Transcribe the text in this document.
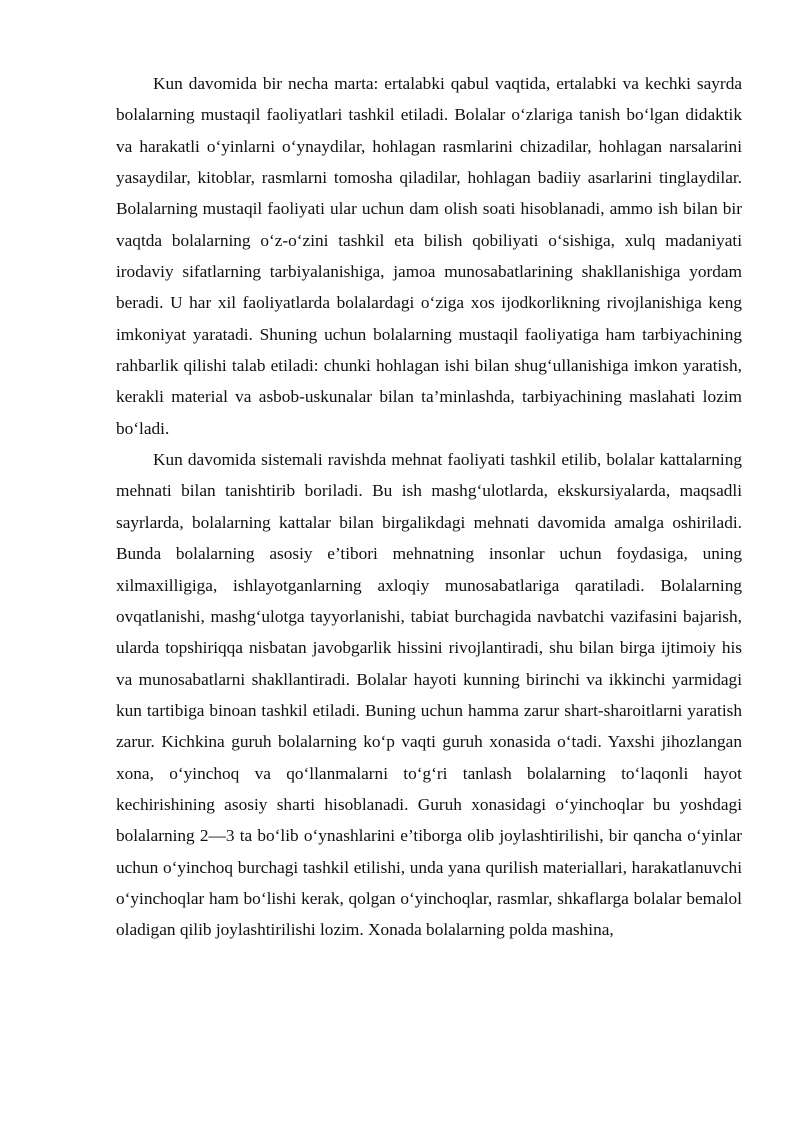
Kun davomida bir necha marta: ertalabki qabul vaqtida, ertalabki va kechki sayrda bolalarning mustaqil faoliyatlari tashkil etiladi. Bolalar o‘zlariga tanish bo‘lgan didaktik va harakatli o‘yinlarni o‘ynaydilar, hohlagan rasmlarini chizadilar, hohlagan narsalarini yasaydilar, kitoblar, rasmlarni tomosha qiladilar, hohlagan badiiy asarlarini tinglaydilar. Bolalarning mustaqil faoliyati ular uchun dam olish soati hisoblanadi, ammo ish bilan bir vaqtda bolalarning o‘z-o‘zini tashkil eta bilish qobiliyati o‘sishiga, xulq madaniyati irodaviy sifatlarning tarbiyalanishiga, jamoa munosabatlarining shakllanishiga yordam beradi. U har xil faoliyatlarda bolalardagi o‘ziga xos ijodkorlikning rivojlanishiga keng imkoniyat yaratadi. Shuning uchun bolalarning mustaqil faoliyatiga ham tarbiyachining rahbarlik qilishi talab etiladi: chunki hohlagan ishi bilan shug‘ullanishiga imkon yaratish, kerakli material va asbob-uskunalar bilan ta’minlashda, tarbiyachining maslahati lozim bo‘ladi.

Kun davomida sistemali ravishda mehnat faoliyati tashkil etilib, bolalar kattalarning mehnati bilan tanishtirib boriladi. Bu ish mashg‘ulotlarda, ekskursiyalarda, maqsadli sayrlarda, bolalarning kattalar bilan birgalikdagi mehnati davomida amalga oshiriladi. Bunda bolalarning asosiy e’tibori mehnatning insonlar uchun foydasiga, uning xilmaxilligiga, ishlayotganlarning axloqiy munosabatlariga qaratiladi. Bolalarning ovqatlanishi, mashg‘ulotga tayyorlanishi, tabiat burchagida navbatchi vazifasini bajarish, ularda topshiriqqa nisbatan javobgarlik hissini rivojlantiradi, shu bilan birga ijtimoiy his va munosabatlarni shakllantiradi. Bolalar hayoti kunning birinchi va ikkinchi yarmidagi kun tartibiga binoan tashkil etiladi. Buning uchun hamma zarur shart-sharoitlarni yaratish zarur. Kichkina guruh bolalarning ko‘p vaqti guruh xonasida o‘tadi. Yaxshi jihozlangan xona, o‘yinchoq va qo‘llanmalarni to‘g‘ri tanlash bolalarning to‘laqonli hayot kechirishining asosiy sharti hisoblanadi. Guruh xonasidagi o‘yinchoqlar bu yoshdagi bolalarning 2—3 ta bo‘lib o‘ynashlarini e’tiborga olib joylashtirilishi, bir qancha o‘yinlar uchun o‘yinchoq burchagi tashkil etilishi, unda yana qurilish materiallari, harakatlanuvchi o‘yinchoqlar ham bo‘lishi kerak, qolgan o‘yinchoqlar, rasmlar, shkaflarga bolalar bemalol oladigan qilib joylashtirilishi lozim. Xonada bolalarning polda mashina,
